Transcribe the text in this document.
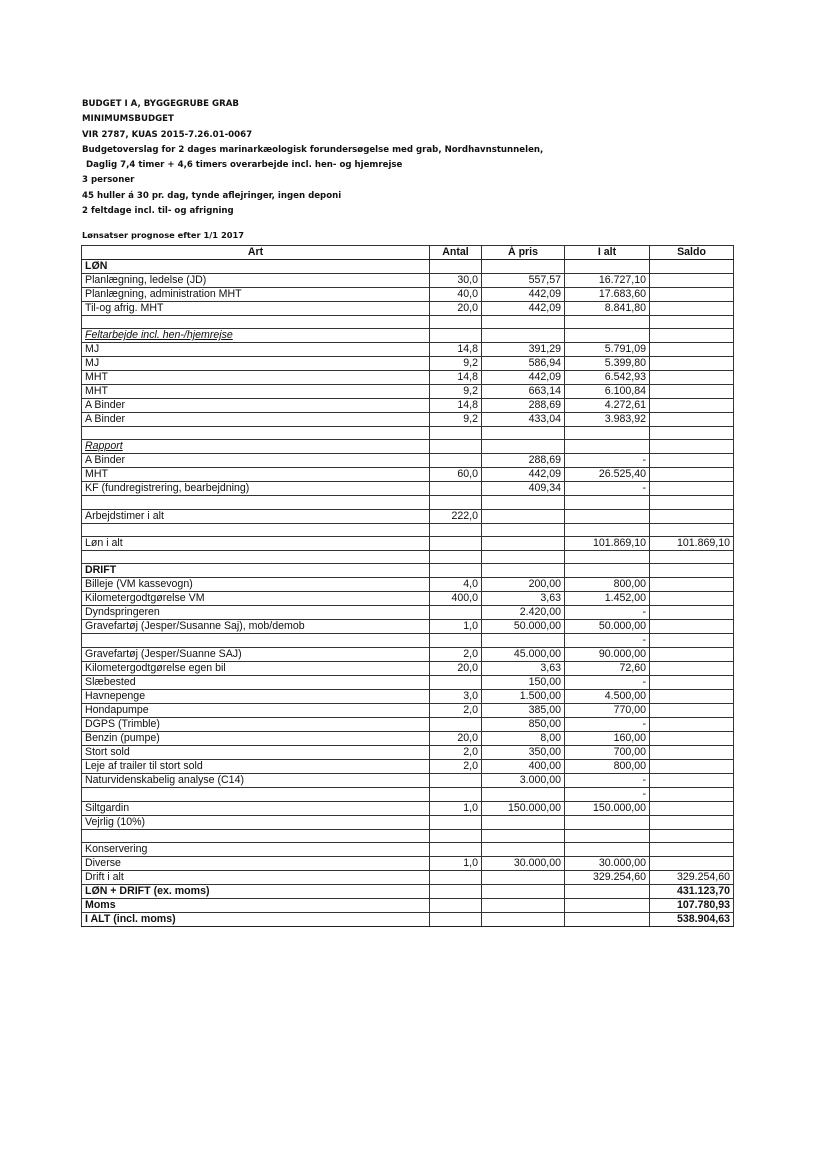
BUDGET I A, BYGGEGRUBE GRAB
MINIMUMSBUDGET
VIR 2787, KUAS 2015-7.26.01-0067
Budgetoverslag for 2 dages marinarkæologisk forundersøgelse med grab, Nordhavnstunnelen,
Daglig 7,4 timer + 4,6 timers overarbejde incl. hen- og hjemrejse
3 personer
45 huller á 30 pr. dag, tynde aflejringer, ingen deponi
2 feltdage incl. til- og afrigning
Lønsatser prognose efter 1/1 2017
Art	Antal	Á pris	I alt	Saldo
LØN				
Planlægning, ledelse (JD)	30,0	557,57	16.727,10	
Planlægning, administration MHT	40,0	442,09	17.683,60	
Til-og afrig. MHT	20,0	442,09	8.841,80	

Feltarbejde incl. hen-/hjemrejse				
MJ	14,8	391,29	5.791,09	
MJ	9,2	586,94	5.399,80	
MHT	14,8	442,09	6.542,93	
MHT	9,2	663,14	6.100,84	
A Binder	14,8	288,69	4.272,61	
A Binder	9,2	433,04	3.983,92	

Rapport				
A Binder		288,69	-	
MHT	60,0	442,09	26.525,40	
KF (fundregistrering, bearbejdning)		409,34	-	

Arbejdstimer i alt	222,0			

Løn i alt			101.869,10	101.869,10

DRIFT				
Billeje (VM kassevogn)	4,0	200,00	800,00	
Kilometergodtgørelse VM	400,0	3,63	1.452,00	
Dyndspringeren		2.420,00	-	
Gravefartøj (Jesper/Susanne Saj), mob/demob	1,0	50.000,00	50.000,00	
			-	
Gravefartøj (Jesper/Suanne SAJ)	2,0	45.000,00	90.000,00	
Kilometergodtgørelse egen bil	20,0	3,63	72,60	
Slæbested		150,00	-	
Havnepenge	3,0	1.500,00	4.500,00	
Hondapumpe	2,0	385,00	770,00	
DGPS (Trimble)		850,00	-	
Benzin (pumpe)	20,0	8,00	160,00	
Stort sold	2,0	350,00	700,00	
Leje af trailer til stort sold	2,0	400,00	800,00	
Naturvidenskabelig analyse (C14)		3.000,00	-	
			-	
Siltgardin	1,0	150.000,00	150.000,00	
Vejrlig (10%)				

Konservering				
Diverse	1,0	30.000,00	30.000,00	
Drift i alt			329.254,60	329.254,60
LØN + DRIFT (ex. moms)				431.123,70
Moms				107.780,93
I ALT (incl. moms)				538.904,63
